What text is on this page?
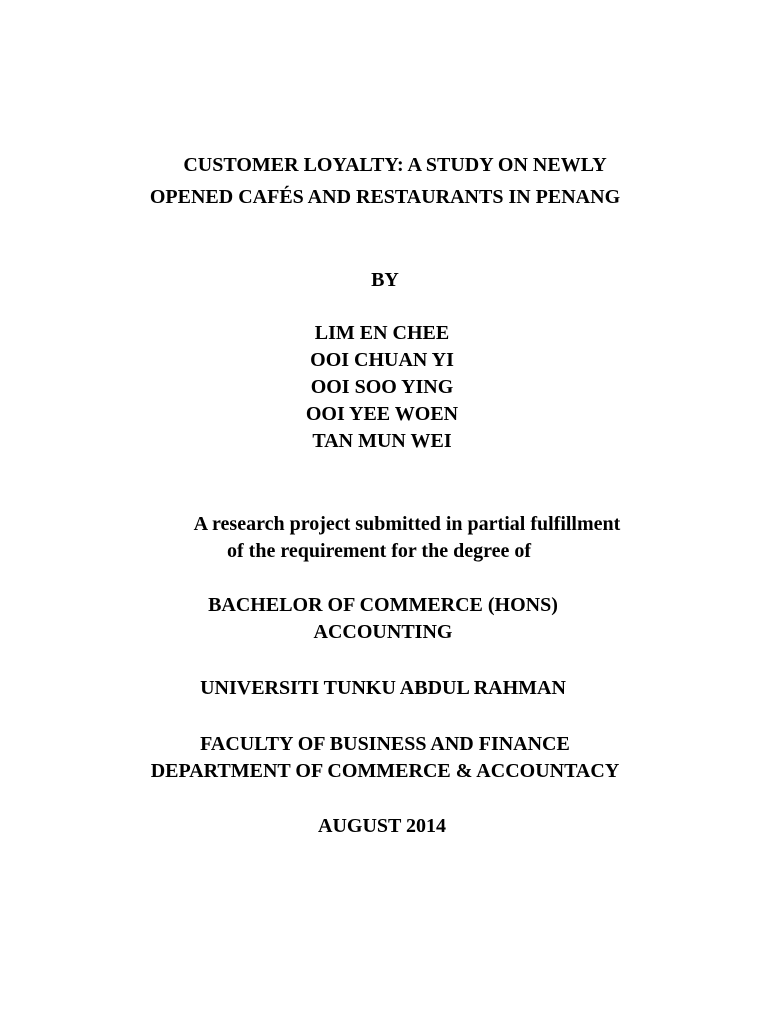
CUSTOMER LOYALTY: A STUDY ON NEWLY
OPENED CAFÉS AND RESTAURANTS IN PENANG
BY
LIM EN CHEE
OOI CHUAN YI
OOI SOO YING
OOI YEE WOEN
TAN MUN WEI
A research project submitted in partial fulfillment
of the requirement for the degree of
BACHELOR OF COMMERCE (HONS)
ACCOUNTING
UNIVERSITI TUNKU ABDUL RAHMAN
FACULTY OF BUSINESS AND FINANCE
DEPARTMENT OF COMMERCE & ACCOUNTACY
AUGUST 2014
